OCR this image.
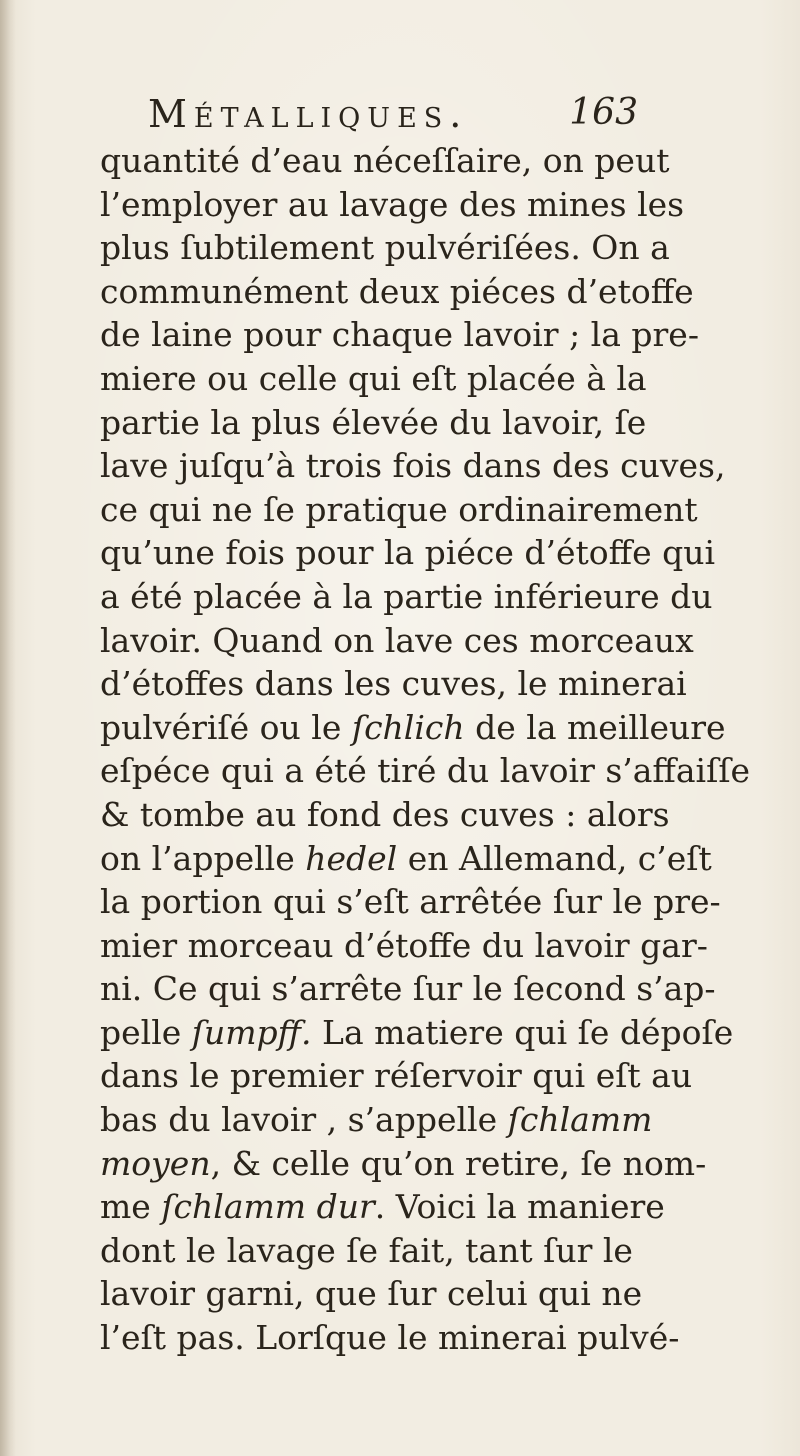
Métalliques.	163
quantité d’eau néceſſaire, on peut
l’employer au lavage des mines les
plus ſubtilement pulvériſées. On a
communément deux piéces d’etoffe
de laine pour chaque lavoir ; la pre-
miere ou celle qui eſt placée à la
partie la plus élevée du lavoir, ſe
lave juſqu’à trois fois dans des cuves,
ce qui ne ſe pratique ordinairement
qu’une fois pour la piéce d’étoffe qui
a été placée à la partie inférieure du
lavoir. Quand on lave ces morceaux
d’étoffes dans les cuves, le minerai
pulvériſé ou le ſchlich de la meilleure
eſpéce qui a été tiré du lavoir s’affaiſſe
& tombe au fond des cuves : alors
on l’appelle hedel en Allemand, c’eſt
la portion qui s’eſt arrêtée ſur le pre-
mier morceau d’étoffe du lavoir gar-
ni. Ce qui s’arrête ſur le ſecond s’ap-
pelle ſumpff. La matiere qui ſe dépoſe
dans le premier réſervoir qui eſt au
bas du lavoir , s’appelle ſchlamm
moyen, & celle qu’on retire, ſe nom-
me ſchlamm dur. Voici la maniere
dont le lavage ſe fait, tant ſur le
lavoir garni, que ſur celui qui ne
l’eſt pas. Lorſque le minerai pulvé-
